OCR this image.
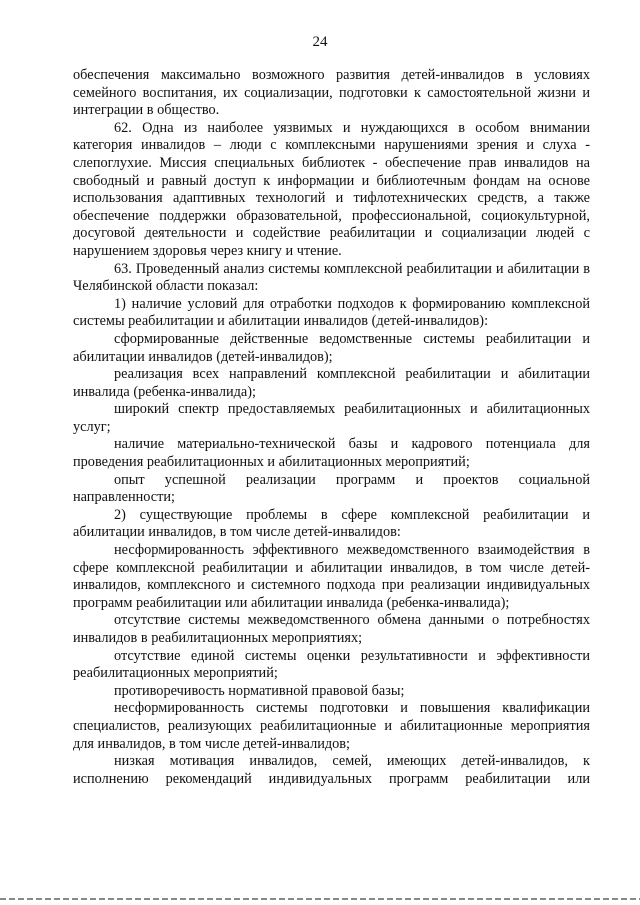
24

обеспечения максимально возможного развития детей-инвалидов в условиях семейного воспитания, их социализации, подготовки к самостоятельной жизни и интеграции в общество.

62. Одна из наиболее уязвимых и нуждающихся в особом внимании категория инвалидов – люди с комплексными нарушениями зрения и слуха - слепоглухие. Миссия специальных библиотек - обеспечение прав инвалидов на свободный и равный доступ к информации и библиотечным фондам на основе использования адаптивных технологий и тифлотехнических средств, а также обеспечение поддержки образовательной, профессиональной, социокультурной, досуговой деятельности и содействие реабилитации и социализации людей с нарушением здоровья через книгу и чтение.

63. Проведенный анализ системы комплексной реабилитации и абилитации в Челябинской области показал:

1) наличие условий для отработки подходов к формированию комплексной системы реабилитации и абилитации инвалидов (детей-инвалидов):

сформированные действенные ведомственные системы реабилитации и абилитации инвалидов (детей-инвалидов);

реализация всех направлений комплексной реабилитации и абилитации инвалида (ребенка-инвалида);

широкий спектр предоставляемых реабилитационных и абилитационных услуг;

наличие материально-технической базы и кадрового потенциала для проведения реабилитационных и абилитационных мероприятий;

опыт успешной реализации программ и проектов социальной направленности;

2) существующие проблемы в сфере комплексной реабилитации и абилитации инвалидов, в том числе детей-инвалидов:

несформированность эффективного межведомственного взаимодействия в сфере комплексной реабилитации и абилитации инвалидов, в том числе детей-инвалидов, комплексного и системного подхода при реализации индивидуальных программ реабилитации или абилитации инвалида (ребенка-инвалида);

отсутствие системы межведомственного обмена данными о потребностях инвалидов в реабилитационных мероприятиях;

отсутствие единой системы оценки результативности и эффективности реабилитационных мероприятий;

противоречивость нормативной правовой базы;

несформированность системы подготовки и повышения квалификации специалистов, реализующих реабилитационные и абилитационные мероприятия для инвалидов, в том числе детей-инвалидов;

низкая мотивация инвалидов, семей, имеющих детей-инвалидов, к исполнению рекомендаций индивидуальных программ реабилитации или
